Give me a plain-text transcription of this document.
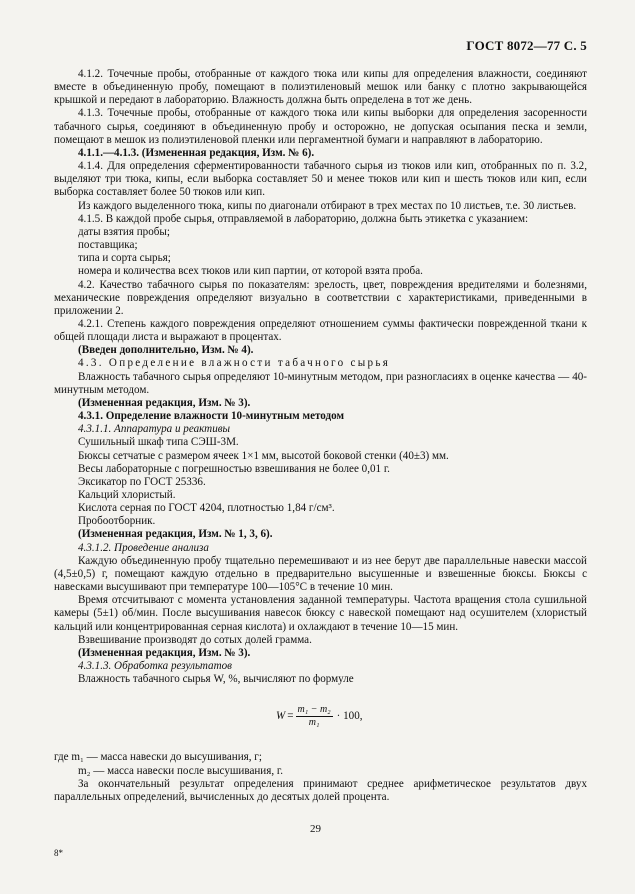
ГОСТ 8072—77 С. 5

4.1.2. Точечные пробы, отобранные от каждого тюка или кипы для определения влажности, соединяют вместе в объединенную пробу, помещают в полиэтиленовый мешок или банку с плотно закрывающейся крышкой и передают в лабораторию. Влажность должна быть определена в тот же день.

4.1.3. Точечные пробы, отобранные от каждого тюка или кипы выборки для определения засоренности табачного сырья, соединяют в объединенную пробу и осторожно, не допуская осыпания песка и земли, помещают в мешок из полиэтиленовой пленки или пергаментной бумаги и направляют в лабораторию.

4.1.1.—4.1.3. (Измененная редакция, Изм. № 6).

4.1.4. Для определения сферментированности табачного сырья из тюков или кип, отобранных по п. 3.2, выделяют три тюка, кипы, если выборка составляет 50 и менее тюков или кип и шесть тюков или кип, если выборка составляет более 50 тюков или кип.

Из каждого выделенного тюка, кипы по диагонали отбирают в трех местах по 10 листьев, т.е. 30 листьев.

4.1.5. В каждой пробе сырья, отправляемой в лабораторию, должна быть этикетка с указанием:

даты взятия пробы;

поставщика;

типа и сорта сырья;

номера и количества всех тюков или кип партии, от которой взята проба.

4.2. Качество табачного сырья по показателям: зрелость, цвет, повреждения вредителями и болезнями, механические повреждения определяют визуально в соответствии с характеристиками, приведенными в приложении 2.

4.2.1. Степень каждого повреждения определяют отношением суммы фактически поврежденной ткани к общей площади листа и выражают в процентах.

(Введен дополнительно, Изм. № 4).

4.3. Определение влажности табачного сырья

Влажность табачного сырья определяют 10-минутным методом, при разногласиях в оценке качества — 40-минутным методом.

(Измененная редакция, Изм. № 3).

4.3.1. Определение влажности 10-минутным методом

4.3.1.1. Аппаратура и реактивы

Сушильный шкаф типа СЭШ-3М.

Бюксы сетчатые с размером ячеек 1×1 мм, высотой боковой стенки (40±3) мм.

Весы лабораторные с погрешностью взвешивания не более 0,01 г.

Эксикатор по ГОСТ 25336.

Кальций хлористый.

Кислота серная по ГОСТ 4204, плотностью 1,84 г/см³.

Пробоотборник.

(Измененная редакция, Изм. № 1, 3, 6).

4.3.1.2. Проведение анализа

Каждую объединенную пробу тщательно перемешивают и из нее берут две параллельные навески массой (4,5±0,5) г, помещают каждую отдельно в предварительно высушенные и взвешенные бюксы. Бюксы с навесками высушивают при температуре 100—105°С в течение 10 мин.

Время отсчитывают с момента установления заданной температуры. Частота вращения стола сушильной камеры (5±1) об/мин. После высушивания навесок бюксу с навеской помещают над осушителем (хлористый кальций или концентрированная серная кислота) и охлаждают в течение 10—15 мин.

Взвешивание производят до сотых долей грамма.

(Измененная редакция, Изм. № 3).

4.3.1.3. Обработка результатов

Влажность табачного сырья W, %, вычисляют по формуле

$W = \frac{\text{m₁ − m₂}}{\text{m₁}} \cdot 100$,

где m₁ — масса навески до высушивания, г;

m₂ — масса навески после высушивания, г.

За окончательный результат определения принимают среднее арифметическое результатов двух параллельных определений, вычисленных до десятых долей процента.

29
8*
